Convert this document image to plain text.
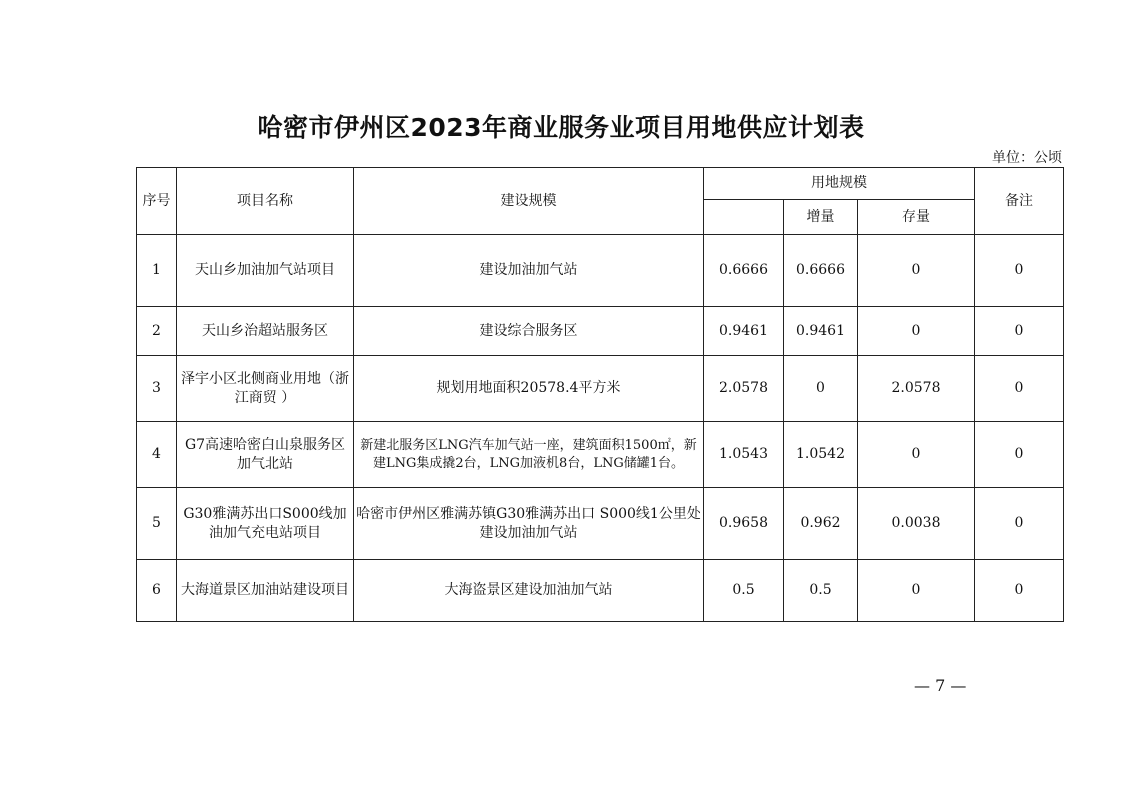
哈密市伊州区2023年商业服务业项目用地供应计划表
单位：公顷
序号	项目名称	建设规模	用地规模			备注
				增量	存量	
1	天山乡加油加气站项目	建设加油加气站	0.6666	0.6666	0	0
2	天山乡治超站服务区	建设综合服务区	0.9461	0.9461	0	0
3	泽宇小区北侧商业用地（浙江商贸 ）	规划用地面积20578.4平方米	2.0578	0	2.0578	0
4	G7高速哈密白山泉服务区加气北站	新建北服务区LNG汽车加气站一座，建筑面积1500㎡，新建LNG集成撬2台，LNG加液机8台，LNG储罐1台。	1.0543	1.0542	0	0
5	G30雅满苏出口S000线加油加气充电站项目	哈密市伊州区雅满苏镇G30雅满苏出口 S000线1公里处建设加油加气站	0.9658	0.962	0.0038	0
6	大海道景区加油站建设项目	大海盗景区建设加油加气站	0.5	0.5	0	0
— 7 —
